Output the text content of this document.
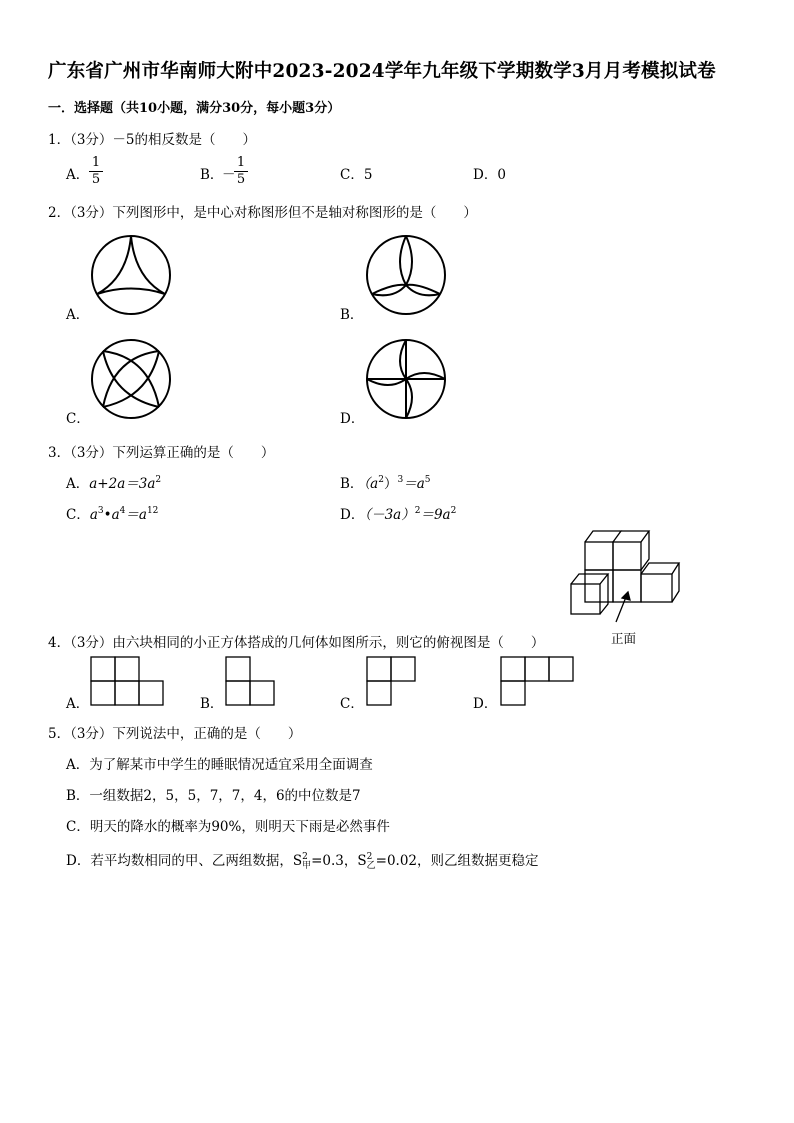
广东省广州市华南师大附中2023-2024学年九年级下学期数学3月月考模拟试卷
一．选择题（共10小题，满分30分，每小题3分）
1．（3分）－5的相反数是（　　）
A．
1
5	B．
－
1
5	C．5	D．0
2．（3分）下列图形中，是中心对称图形但不是轴对称图形的是（　　）
A．	B．
C．	D．
3．（3分）下列运算正确的是（　　）
A．$a+2a=3a^2$	B．$(a^2)^3=a^5$
C．$a^3•a^4=a^{12}$	D．$(-3a)^2=9a^2$
正面
4．（3分）由六块相同的小正方体搭成的几何体如图所示，则它的俯视图是（　　）
A．	B．	C．	D．
5．（3分）下列说法中，正确的是（　　）
A．为了解某市中学生的睡眠情况适宜采用全面调查
B．一组数据2，5，5，7，7，4，6的中位数是7
C．明天的降水的概率为90%，则明天下雨是必然事件
D．若平均数相同的甲、乙两组数据，S 2
甲 =0.3，S 2
乙 =0.02，则乙组数据更稳定
